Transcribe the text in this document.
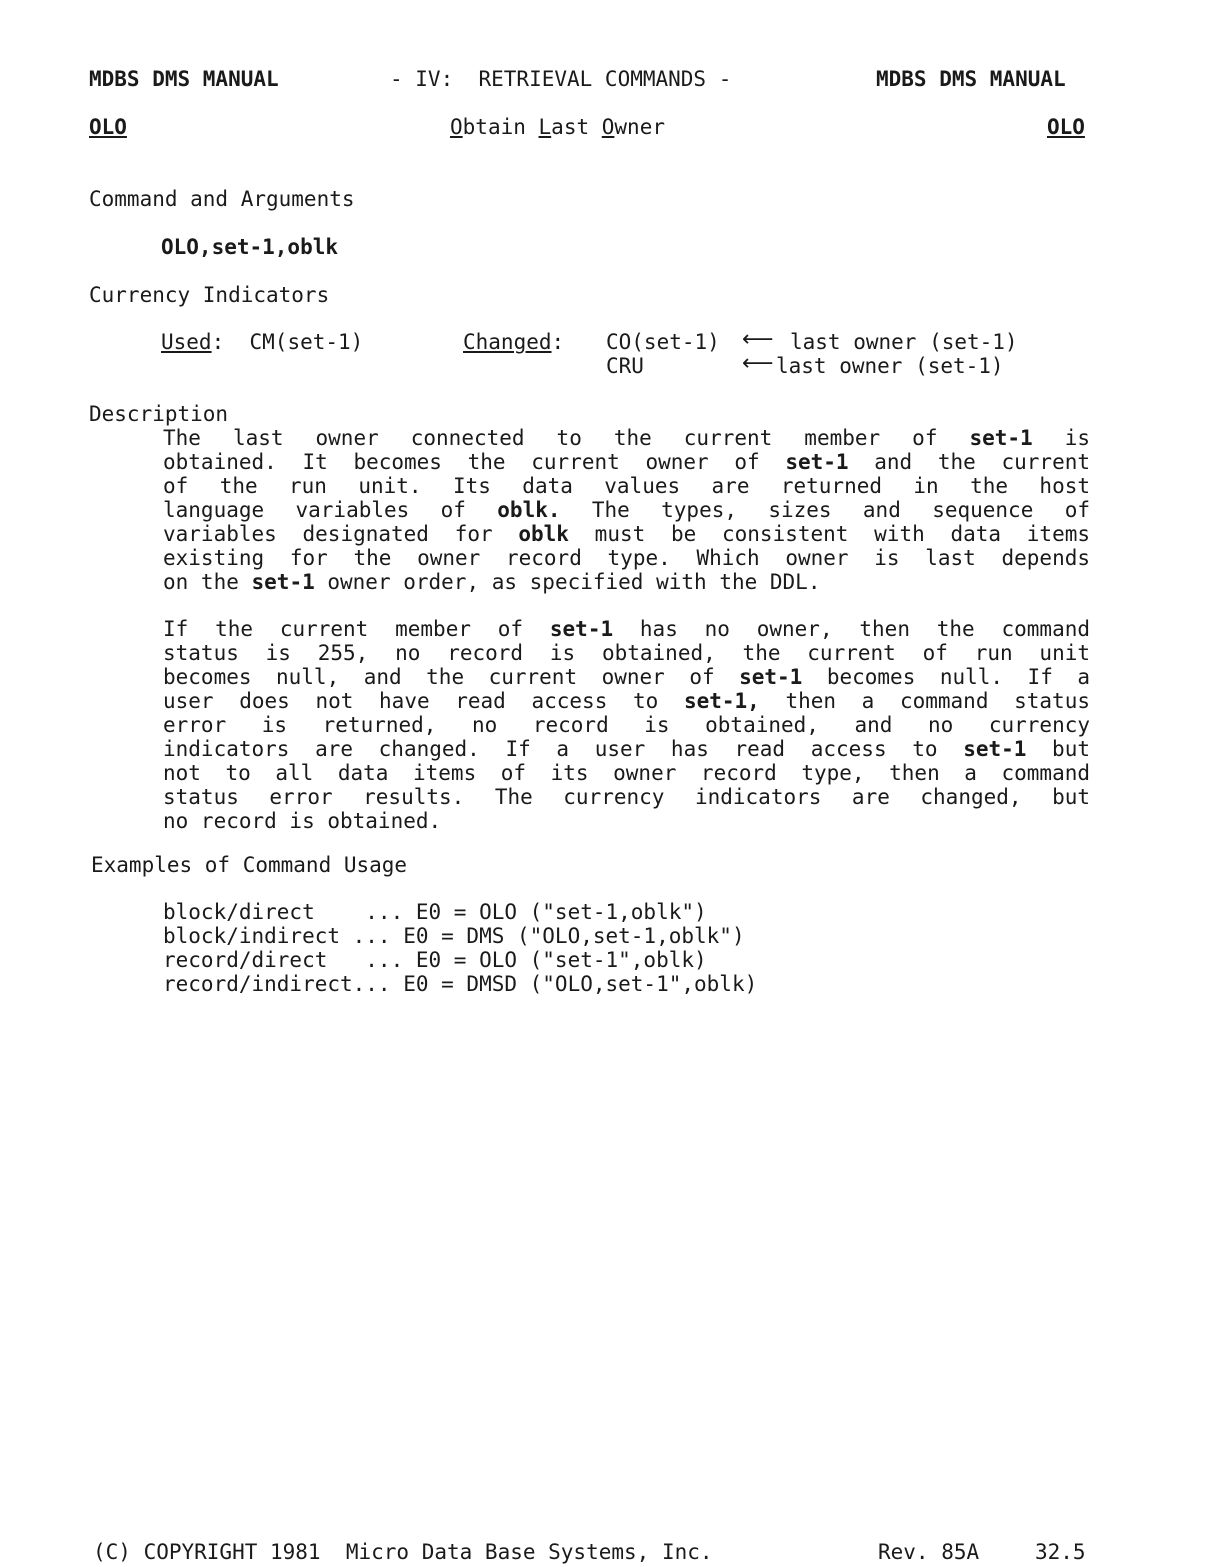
MDBS DMS MANUAL	- IV:  RETRIEVAL COMMANDS -	MDBS DMS MANUAL
OLO	Obtain Last Owner	OLO
Command and Arguments
OLO,set-1,oblk
Currency Indicators
Used:  CM(set-1)	Changed: CO(set-1) ⟵ last owner (set-1)
CRU	⟵ last owner (set-1)
Description
The last owner connected to the current member of set-1 is
obtained. It becomes the current owner of set-1 and the current
of the run unit. Its data values are returned in the host
language variables of oblk. The types, sizes and sequence of
variables designated for oblk must be consistent with data items
existing for the owner record type. Which owner is last depends
on the set-1 owner order, as specified with the DDL.
If the current member of set-1 has no owner, then the command
status is 255, no record is obtained, the current of run unit
becomes null, and the current owner of set-1 becomes null. If a
user does not have read access to set-1, then a command status
error is returned, no record is obtained, and no currency
indicators are changed. If a user has read access to set-1 but
not to all data items of its owner record type, then a command
status error results. The currency indicators are changed, but
no record is obtained.
Examples of Command Usage
block/direct    ... E0 = OLO ("set-1,oblk")
block/indirect ... E0 = DMS ("OLO,set-1,oblk")
record/direct   ... E0 = OLO ("set-1",oblk)
record/indirect... E0 = DMSD ("OLO,set-1",oblk)
(C) COPYRIGHT 1981  Micro Data Base Systems, Inc.	Rev. 85A	32.5
